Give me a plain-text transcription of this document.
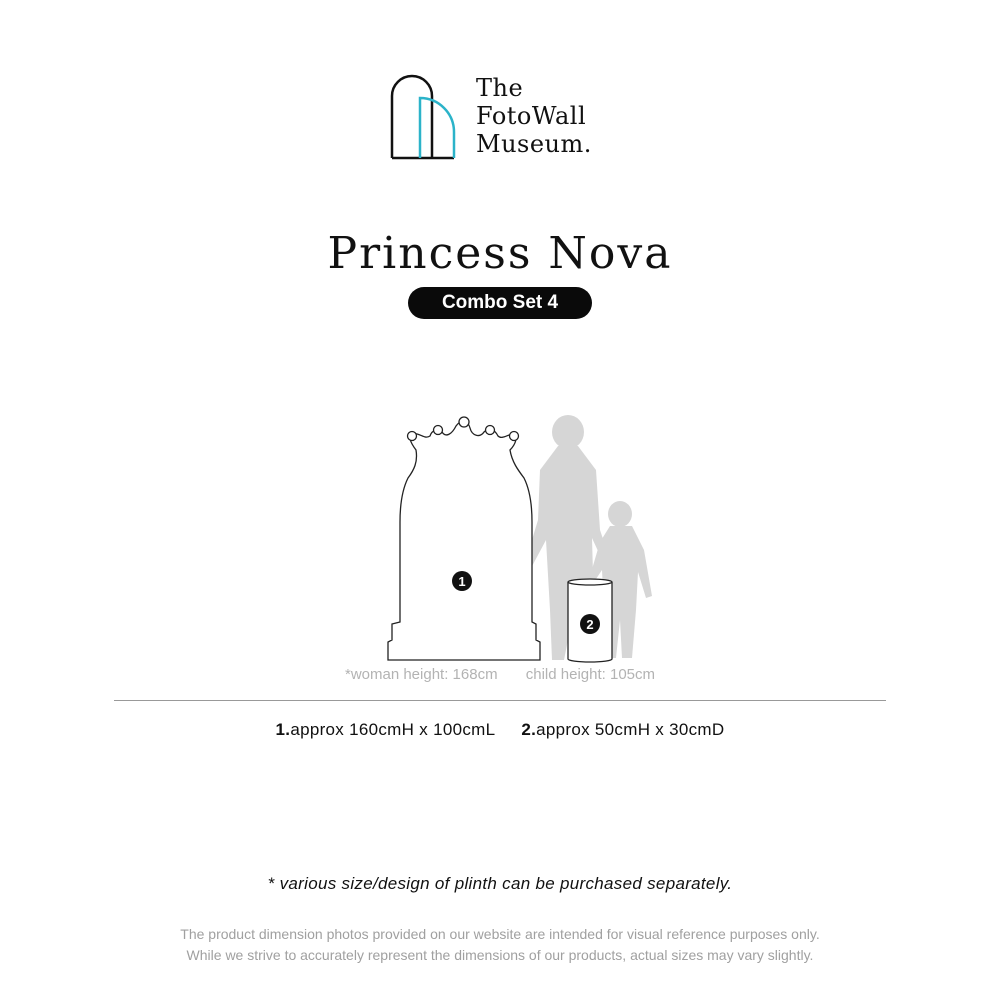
The
FotoWall
Museum.
Princess Nova
Combo Set 4
1
2
*woman height: 168cm child height: 105cm
1.approx 160cmH x 100cmL 2.approx 50cmH x 30cmD
* various size/design of plinth can be purchased separately.
The product dimension photos provided on our website are intended for visual reference purposes only.
While we strive to accurately represent the dimensions of our products, actual sizes may vary slightly.
